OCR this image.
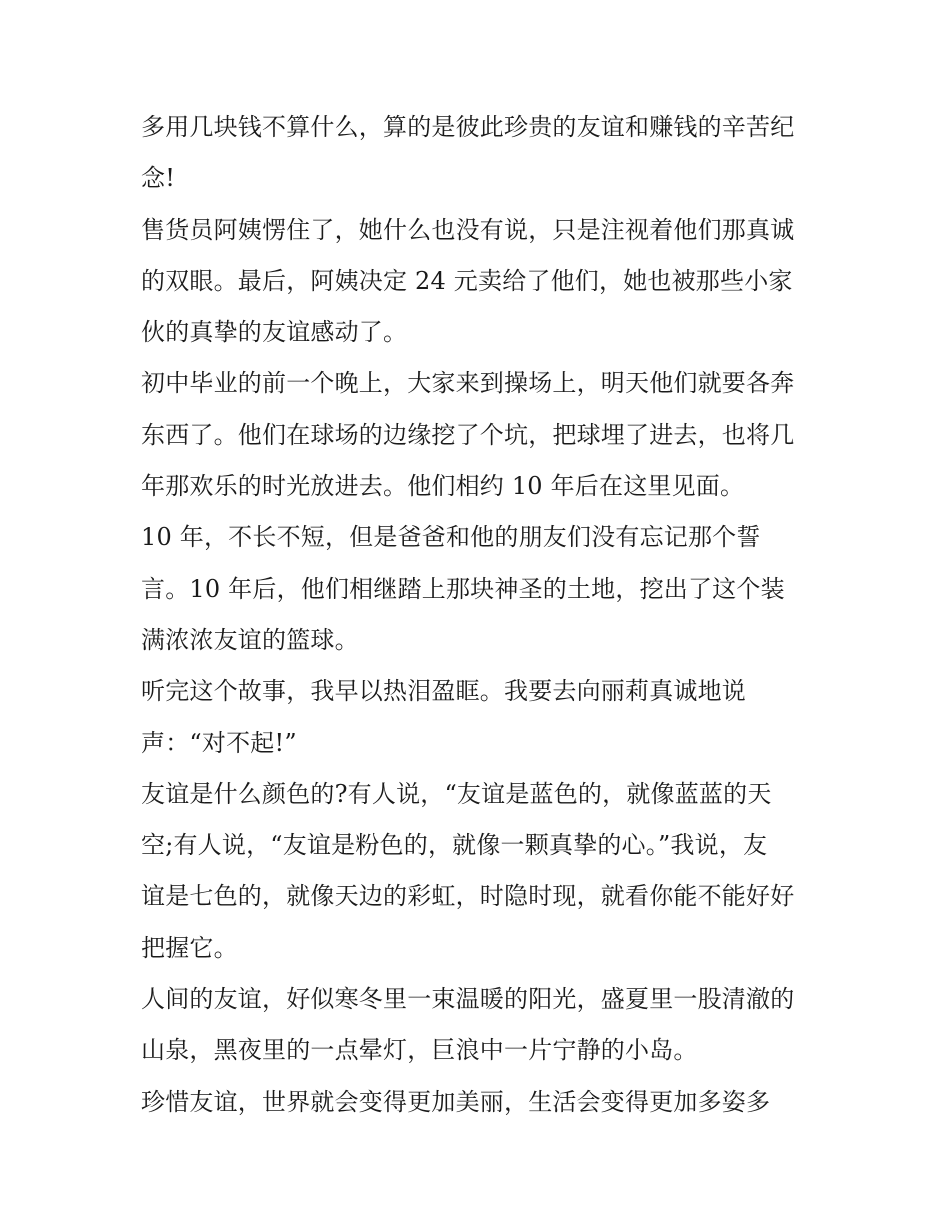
多用几块钱不算什么，算的是彼此珍贵的友谊和赚钱的辛苦纪
念!
售货员阿姨愣住了，她什么也没有说，只是注视着他们那真诚
的双眼。最后，阿姨决定 24 元卖给了他们，她也被那些小家
伙的真挚的友谊感动了。
初中毕业的前一个晚上，大家来到操场上，明天他们就要各奔
东西了。他们在球场的边缘挖了个坑，把球埋了进去，也将几
年那欢乐的时光放进去。他们相约 10 年后在这里见面。
10 年，不长不短，但是爸爸和他的朋友们没有忘记那个誓
言。10 年后，他们相继踏上那块神圣的土地，挖出了这个装
满浓浓友谊的篮球。
听完这个故事，我早以热泪盈眶。我要去向丽莉真诚地说
声：“对不起!”
友谊是什么颜色的?有人说，“友谊是蓝色的，就像蓝蓝的天
空;有人说，“友谊是粉色的，就像一颗真挚的心。”我说，友
谊是七色的，就像天边的彩虹，时隐时现，就看你能不能好好
把握它。
人间的友谊，好似寒冬里一束温暖的阳光，盛夏里一股清澈的
山泉，黑夜里的一点晕灯，巨浪中一片宁静的小岛。
珍惜友谊，世界就会变得更加美丽，生活会变得更加多姿多
